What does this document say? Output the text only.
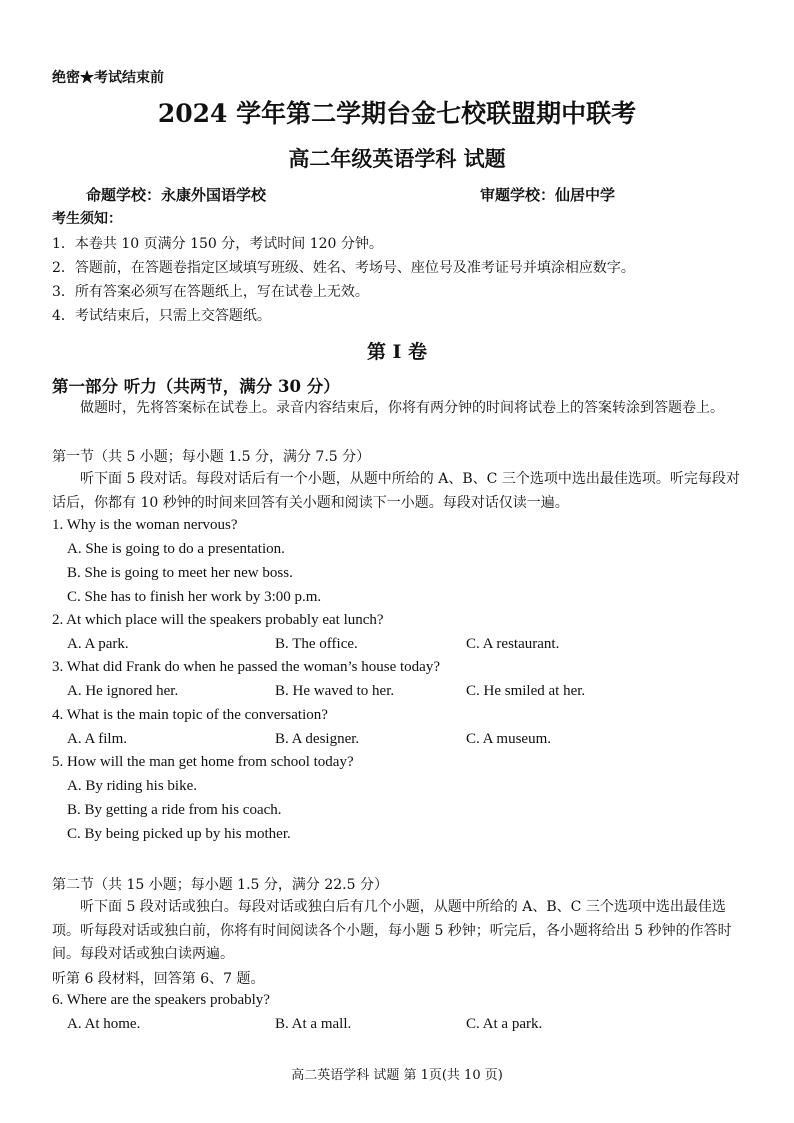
绝密★考试结束前
2024 学年第二学期台金七校联盟期中联考
高二年级英语学科 试题
命题学校：永康外国语学校	审题学校：仙居中学
考生须知：
1．本卷共 10 页满分 150 分，考试时间 120 分钟。
2．答题前，在答题卷指定区域填写班级、姓名、考场号、座位号及准考证号并填涂相应数字。
3．所有答案必须写在答题纸上，写在试卷上无效。
4．考试结束后，只需上交答题纸。
第 I 卷
第一部分 听力（共两节，满分 30 分）
做题时，先将答案标在试卷上。录音内容结束后，你将有两分钟的时间将试卷上的答案转涂到答题卷上。
第一节（共 5 小题；每小题 1.5 分，满分 7.5 分）
听下面 5 段对话。每段对话后有一个小题，从题中所给的 A、B、C 三个选项中选出最佳选项。听完每段对话后，你都有 10 秒钟的时间来回答有关小题和阅读下一小题。每段对话仅读一遍。
1. Why is the woman nervous?
A. She is going to do a presentation.
B. She is going to meet her new boss.
C. She has to finish her work by 3:00 p.m.
2. At which place will the speakers probably eat lunch?
A. A park.	B. The office.	C. A restaurant.
3. What did Frank do when he passed the woman’s house today?
A. He ignored her.	B. He waved to her.	C. He smiled at her.
4. What is the main topic of the conversation?
A. A film.	B. A designer.	C. A museum.
5. How will the man get home from school today?
A. By riding his bike.
B. By getting a ride from his coach.
C. By being picked up by his mother.
第二节（共 15 小题；每小题 1.5 分，满分 22.5 分）
听下面 5 段对话或独白。每段对话或独白后有几个小题，从题中所给的 A、B、C 三个选项中选出最佳选项。听每段对话或独白前，你将有时间阅读各个小题，每小题 5 秒钟；听完后，各小题将给出 5 秒钟的作答时间。每段对话或独白读两遍。
听第 6 段材料，回答第 6、7 题。
6. Where are the speakers probably?
A. At home.	B. At a mall.	C. At a park.
高二英语学科 试题 第 1页(共 10 页)
